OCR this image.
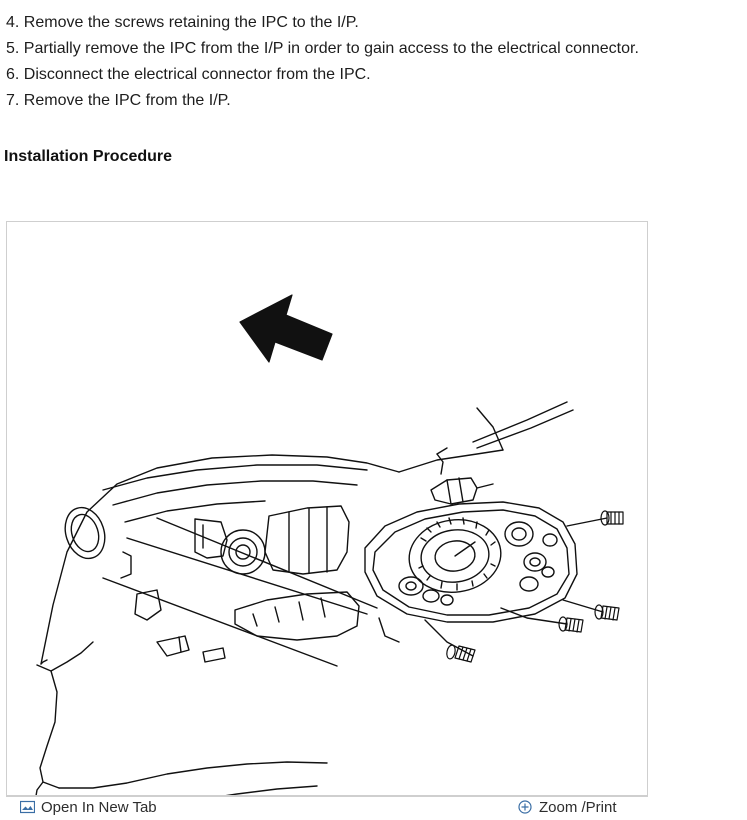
4. Remove the screws retaining the IPC to the I/P.
5. Partially remove the IPC from the I/P in order to gain access to the electrical connector.
6. Disconnect the electrical connector from the IPC.
7. Remove the IPC from the I/P.
Installation Procedure
Open In New Tab	Zoom /Print
